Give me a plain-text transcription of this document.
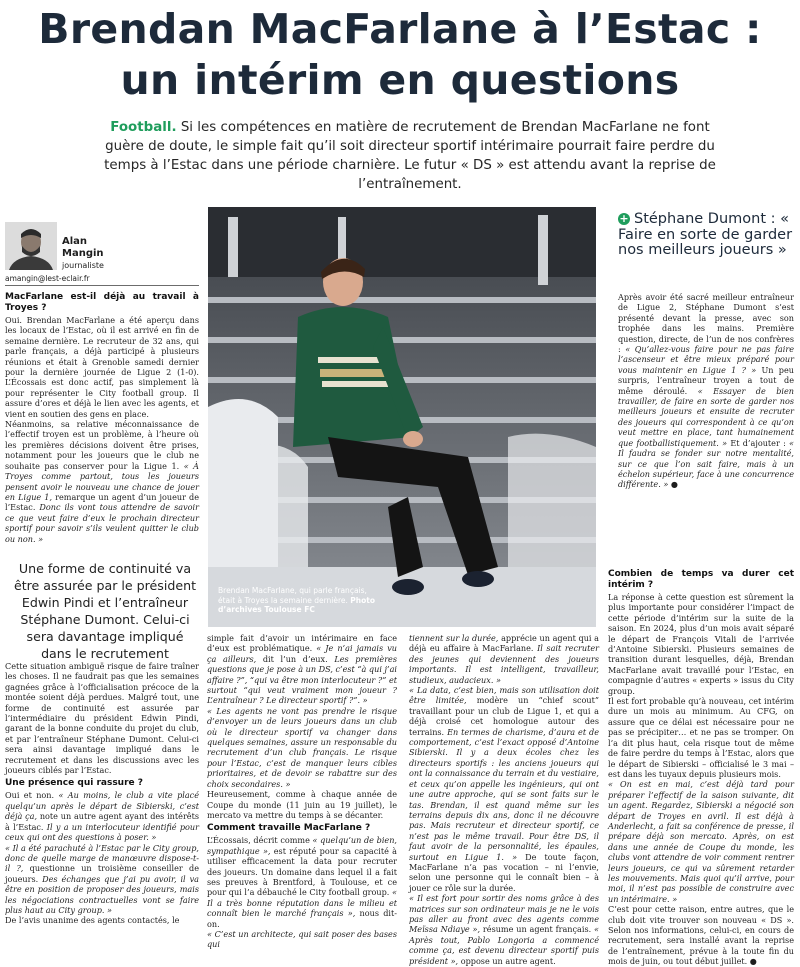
Brendan MacFarlane à l’Estac :
un intérim en questions
Football. Si les compétences en matière de recrutement de Brendan MacFarlane ne font guère de doute, le simple fait qu’il soit directeur sportif intérimaire pourrait faire perdre du temps à l’Estac dans une période charnière. Le futur « DS » est attendu avant la reprise de l’entraînement.
Alan
Mangin
journaliste
amangin@lest-eclair.fr
MacFarlane est-il déjà au travail à Troyes ?

Oui. Brendan MacFarlane a été aperçu dans les locaux de l’Estac, où il est arrivé en fin de semaine dernière. Le recruteur de 32 ans, qui parle français, a déjà participé à plusieurs réunions et était à Grenoble samedi dernier pour la dernière journée de Ligue 2 (1-0). L’Écossais est donc actif, pas simplement là pour représenter le City football group. Il assure d’ores et déjà le lien avec les agents, et vient en soutien des gens en place.

Néanmoins, sa relative méconnaissance de l’effectif troyen est un problème, à l’heure où les premières décisions doivent être prises, notamment pour les joueurs que le club ne souhaite pas conserver pour la Ligue 1. « À Troyes comme partout, tous les joueurs pensent avoir le nouveau une chance de jouer en Ligue 1, remarque un agent d’un joueur de l’Estac. Donc ils vont tous attendre de savoir ce que veut faire d’eux le prochain directeur sportif pour savoir s’ils veulent quitter le club ou non. »

Une forme de continuité va être assurée par le président Edwin Pindi et l’entraîneur Stéphane Dumont. Celui-ci sera davantage impliqué dans le recrutement

Cette situation ambiguë risque de faire traîner les choses. Il ne faudrait pas que les semaines gagnées grâce à l’officialisation précoce de la montée soient déjà perdues. Malgré tout, une forme de continuité est assurée par l’intermédiaire du président Edwin Pindi, garant de la bonne conduite du projet du club, et par l’entraîneur Stéphane Dumont. Celui-ci sera ainsi davantage impliqué dans le recrutement et dans les discussions avec les joueurs ciblés par l’Estac.

Une présence qui rassure ?

Oui et non. « Au moins, le club a vite placé quelqu’un après le départ de Sibierski, c’est déjà ça, note un autre agent ayant des intérêts à l’Estac. Il y a un interlocuteur identifié pour ceux qui ont des questions à poser. »

« Il a été parachuté à l’Estac par le City group, donc de quelle marge de manœuvre dispose-t-il ?, questionne un troisième conseiller de joueurs. Des échanges que j’ai pu avoir, il va être en position de proposer des joueurs, mais les négociations contractuelles vont se faire plus haut au City group. »

De l’avis unanime des agents contactés, le

Brendan MacFarlane, qui parle français, était à Troyes la semaine dernière. Photo d’archives Toulouse FC

simple fait d’avoir un intérimaire en face d’eux est problématique. « Je n’ai jamais vu ça ailleurs, dit l’un d’eux. Les premières questions que je pose à un DS, c’est “à qui j’ai affaire ?”, “qui va être mon interlocuteur ?” et surtout “qui veut vraiment mon joueur ? L’entraîneur ? Le directeur sportif ?”. »

« Les agents ne vont pas prendre le risque d’envoyer un de leurs joueurs dans un club où le directeur sportif va changer dans quelques semaines, assure un responsable du recrutement d’un club français. Le risque pour l’Estac, c’est de manquer leurs cibles prioritaires, et de devoir se rabattre sur des choix secondaires. »

Heureusement, comme à chaque année de Coupe du monde (11 juin au 19 juillet), le mercato va mettre du temps à se décanter.

Comment travaille MacFarlane ?

L’Écossais, décrit comme « quelqu’un de bien, sympathique », est réputé pour sa capacité à utiliser efficacement la data pour recruter des joueurs. Un domaine dans lequel il a fait ses preuves à Brentford, à Toulouse, et ce pour qui l’a débauché le City football group. « Il a très bonne réputation dans le milieu et connaît bien le marché français », nous dit-on.

« C’est un architecte, qui sait poser des bases qui

tiennent sur la durée, apprécie un agent qui a déjà eu affaire à MacFarlane. Il sait recruter des jeunes qui deviennent des joueurs importants. Il est intelligent, travailleur, studieux, audacieux. »

« La data, c’est bien, mais son utilisation doit être limitée, modère un “chief scout” travaillant pour un club de Ligue 1, et qui a déjà croisé cet homologue autour des terrains. En termes de charisme, d’aura et de comportement, c’est l’exact opposé d’Antoine Sibierski. Il y a deux écoles chez les directeurs sportifs : les anciens joueurs qui ont la connaissance du terrain et du vestiaire, et ceux qu’on appelle les ingénieurs, qui ont une autre approche, qui se sont faits sur le tas. Brendan, il est quand même sur les terrains depuis dix ans, donc il ne découvre pas. Mais recruteur et directeur sportif, ce n’est pas le même travail. Pour être DS, il faut avoir de la personnalité, les épaules, surtout en Ligue 1. » De toute façon, MacFarlane n’a pas vocation – ni l’envie, selon une personne qui le connaît bien – à jouer ce rôle sur la durée.

« Il est fort pour sortir des noms grâce à des matrices sur son ordinateur mais je ne le vois pas aller au front avec des agents comme Meïssa Ndiaye », résume un agent français. « Après tout, Pablo Longoria a commencé comme ça, est devenu directeur sportif puis président », oppose un autre agent.

+ Stéphane Dumont : « Faire en sorte de garder nos meilleurs joueurs »

Après avoir été sacré meilleur entraîneur de Ligue 2, Stéphane Dumont s’est présenté devant la presse, avec son trophée dans les mains. Première question, directe, de l’un de nos confrères : « Qu’allez-vous faire pour ne pas faire l’ascenseur et être mieux préparé pour vous maintenir en Ligue 1 ? » Un peu surpris, l’entraîneur troyen a tout de même déroulé. « Essayer de bien travailler, de faire en sorte de garder nos meilleurs joueurs et ensuite de recruter des joueurs qui correspondent à ce qu’on veut mettre en place, tant humainement que footballistiquement. » Et d’ajouter : « Il faudra se fonder sur notre mentalité, sur ce que l’on sait faire, mais à un échelon supérieur, face à une concurrence différente. » ●

Combien de temps va durer cet intérim ?

La réponse à cette question est sûrement la plus importante pour considérer l’impact de cette période d’intérim sur la suite de la saison. En 2024, plus d’un mois avait séparé le départ de François Vitali de l’arrivée d’Antoine Sibierski. Plusieurs semaines de transition durant lesquelles, déjà, Brendan MacFarlane avait travaillé pour l’Estac, en compagnie d’autres « experts » issus du City group.

Il est fort probable qu’à nouveau, cet intérim dure un mois au minimum. Au CFG, on assure que ce délai est nécessaire pour ne pas se précipiter… et ne pas se tromper. On l’a dit plus haut, cela risque tout de même de faire perdre du temps à l’Estac, alors que le départ de Sibierski – officialisé le 3 mai – est dans les tuyaux depuis plusieurs mois.

« On est en mai, c’est déjà tard pour préparer l’effectif de la saison suivante, dit un agent. Regardez, Sibierski a négocié son départ de Troyes en avril. Il est déjà à Anderlecht, a fait sa conférence de presse, il prépare déjà son mercato. Après, on est dans une année de Coupe du monde, les clubs vont attendre de voir comment rentrer leurs joueurs, ce qui va sûrement retarder les mouvements. Mais quoi qu’il arrive, pour moi, il n’est pas possible de construire avec un intérimaire. »

C’est pour cette raison, entre autres, que le club doit vite trouver son nouveau « DS ». Selon nos informations, celui-ci, en cours de recrutement, sera installé avant la reprise de l’entraînement, prévue à la toute fin du mois de juin, ou tout début juillet. ●
